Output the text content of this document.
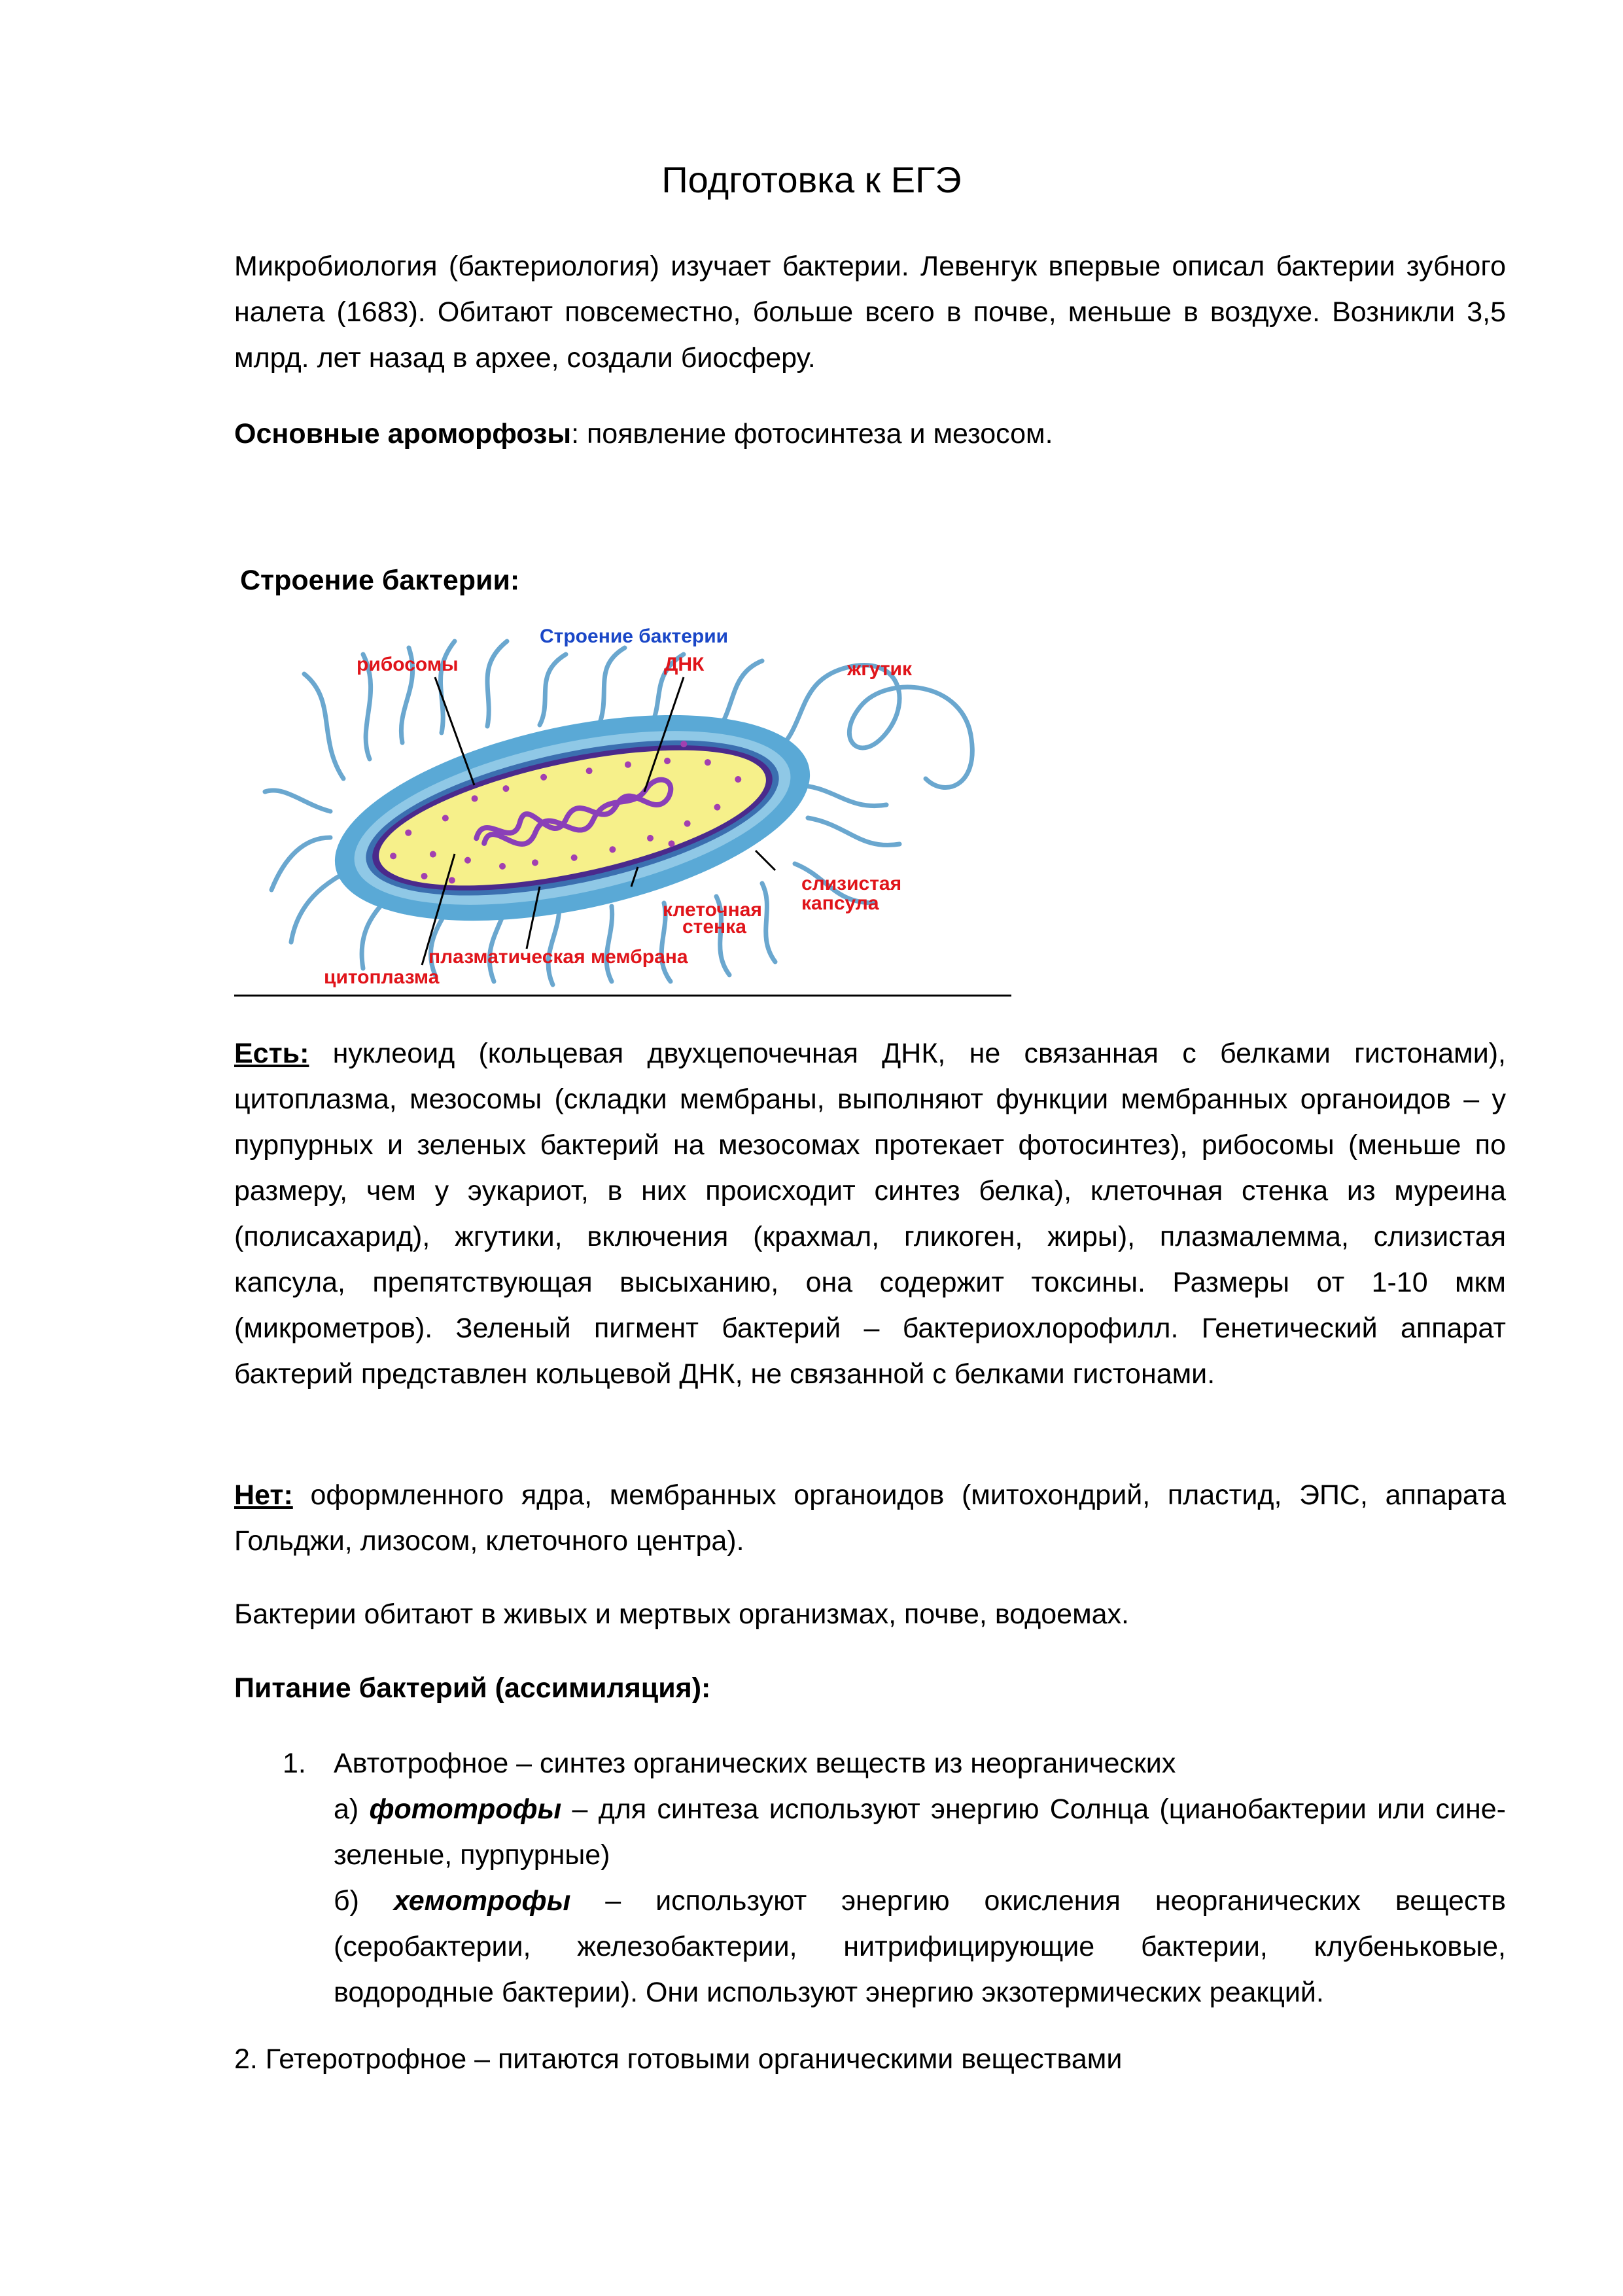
Подготовка к ЕГЭ

Микробиология (бактериология) изучает бактерии. Левенгук впервые описал бактерии зубного налета (1683). Обитают повсеместно, больше всего в почве, меньше в воздухе. Возникли 3,5 млрд. лет назад в архее, создали биосферу.

Основные ароморфозы: появление фотосинтеза и мезосом.

Строение бактерии:

Строение бактерии
рибосомы	ДНК	жгутик
слизистая
капсула
клеточная
стенка
плазматическая мембрана
цитоплазма

Есть: нуклеоид (кольцевая двухцепочечная ДНК, не связанная с белками гистонами), цитоплазма, мезосомы (складки мембраны, выполняют функции мембранных органоидов – у пурпурных и зеленых бактерий на мезосомах протекает фотосинтез), рибосомы (меньше по размеру, чем у эукариот, в них происходит синтез белка), клеточная стенка из муреина (полисахарид), жгутики, включения (крахмал, гликоген, жиры), плазмалемма, слизистая капсула, препятствующая высыханию, она содержит токсины. Размеры от 1-10 мкм (микрометров). Зеленый пигмент бактерий – бактериохлорофилл. Генетический аппарат бактерий представлен кольцевой ДНК, не связанной с белками гистонами.

Нет: оформленного ядра, мембранных органоидов (митохондрий, пластид, ЭПС, аппарата Гольджи, лизосом, клеточного центра).

Бактерии обитают в живых и мертвых организмах, почве, водоемах.

Питание бактерий (ассимиляция):

1. Автотрофное – синтез органических веществ из неорганических
а) фототрофы – для синтеза используют энергию Солнца (цианобактерии или сине-зеленые, пурпурные)
б) хемотрофы – используют энергию окисления неорганических веществ (серобактерии, железобактерии, нитрифицирующие бактерии, клубеньковые, водородные бактерии). Они используют энергию экзотермических реакций.

2. Гетеротрофное – питаются готовыми органическими веществами
